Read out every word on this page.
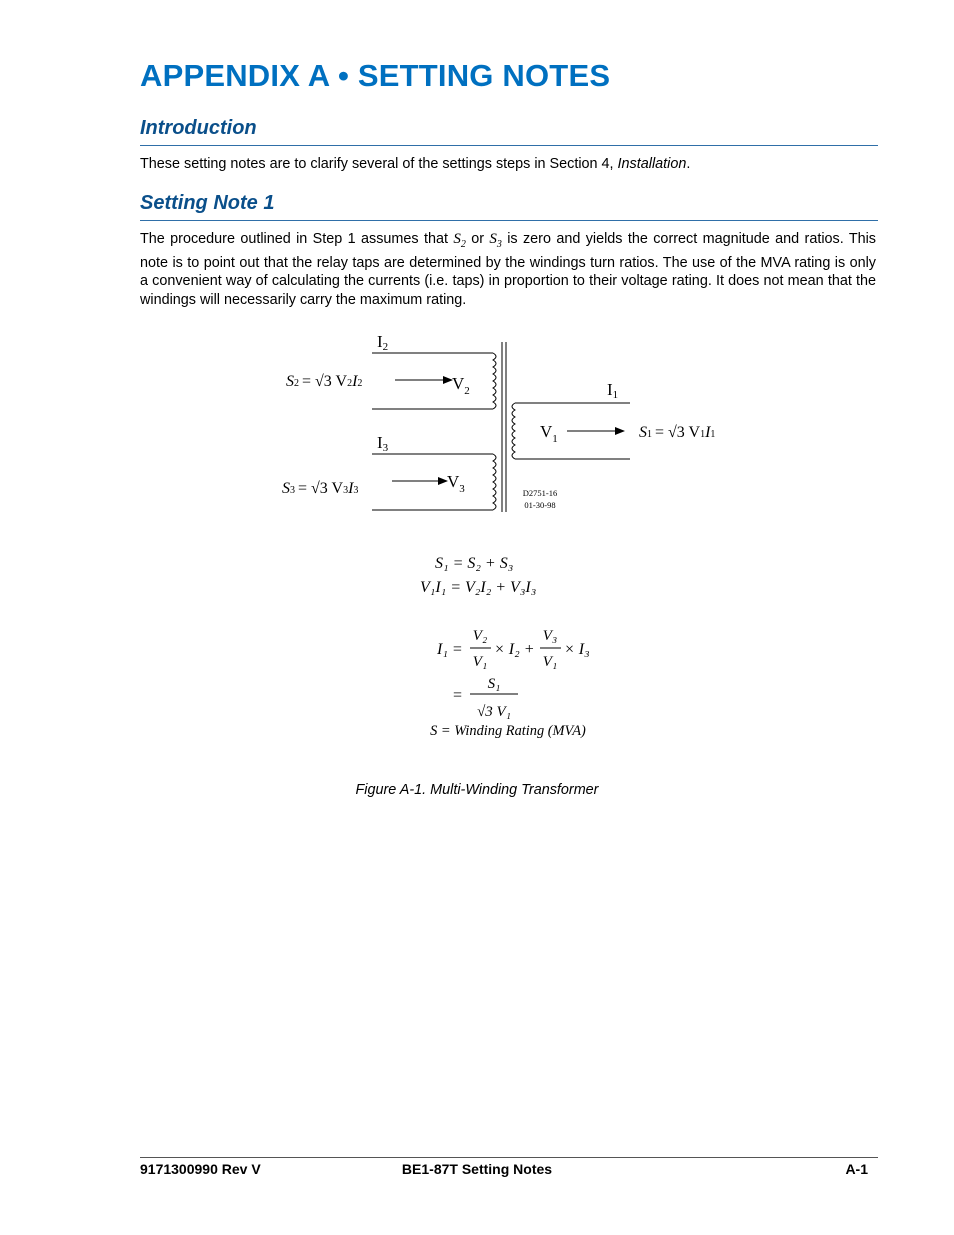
APPENDIX A • SETTING NOTES
Introduction

These setting notes are to clarify several of the settings steps in Section 4, Installation.

Setting Note 1

The procedure outlined in Step 1 assumes that $S_2$ or $S_3$ is zero and yields the correct magnitude and ratios. This note is to point out that the relay taps are determined by the windings turn ratios. The use of the MVA rating is only a convenient way of calculating the currents (i.e. taps) in proportion to their voltage rating. It does not mean that the windings will necessarily carry the maximum rating.

I2
I3
I1
$V_2$
$V_3$
$V_1$
S2 = √3 V2I2
S3 = √3 V3I3
S1 = √3 V1I1
D2751-16
01-30-98
S₁ = S₂ + S₃
V₁I₁ = V₂I₂ + V₃I₃
I₁ =
V₂
V₁
× I₂ +
V₃
V₁
× I₃
=
S₁
√3 V₁
S = Winding Rating (MVA)

Figure A-1. Multi-Winding Transformer

9171300990 Rev V	BE1-87T Setting Notes	A-1
